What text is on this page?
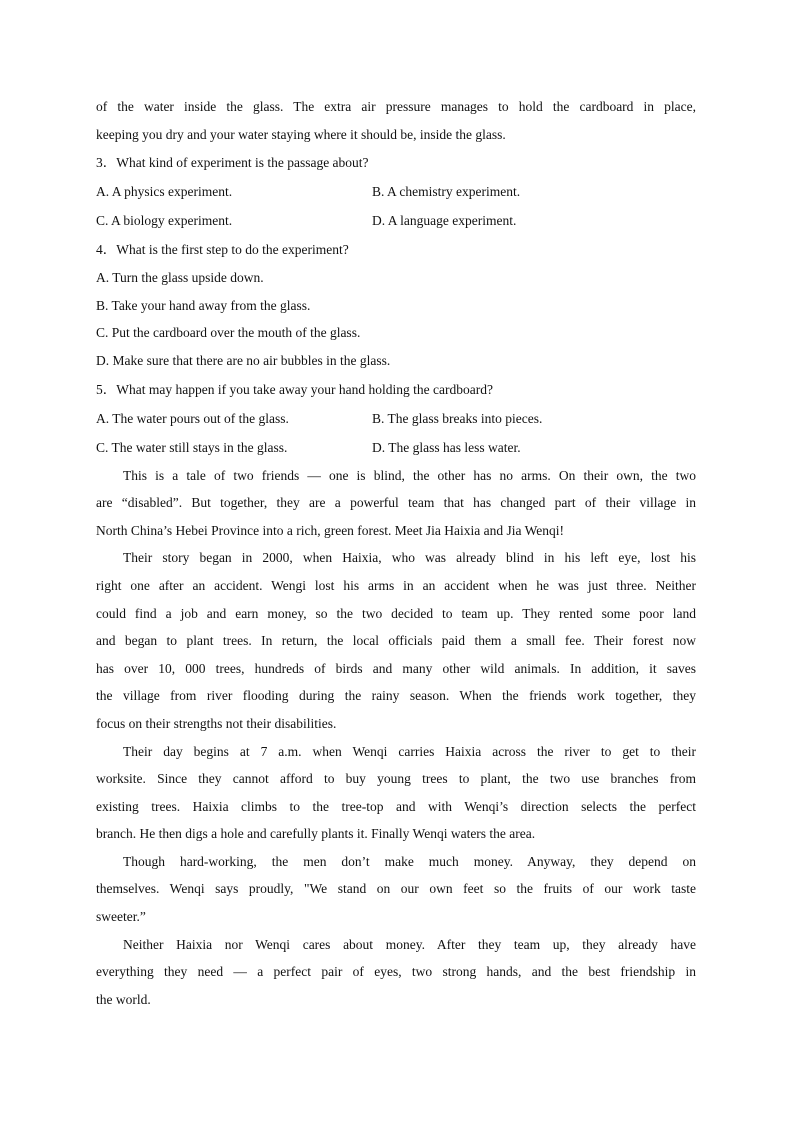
of the water inside the glass. The extra air pressure manages to hold the cardboard in place,
keeping you dry and your water staying where it should be, inside the glass.
3．What kind of experiment is the passage about?
A. A physics experiment.	B. A chemistry experiment.
C. A biology experiment.	D. A language experiment.
4．What is the first step to do the experiment?
A. Turn the glass upside down.
B. Take your hand away from the glass.
C. Put the cardboard over the mouth of the glass.
D. Make sure that there are no air bubbles in the glass.
5．What may happen if you take away your hand holding the cardboard?
A. The water pours out of the glass.	B. The glass breaks into pieces.
C. The water still stays in the glass.	D. The glass has less water.
This is a tale of two friends — one is blind, the other has no arms. On their own, the two
are “disabled”. But together, they are a powerful team that has changed part of their village in
North China’s Hebei Province into a rich, green forest. Meet Jia Haixia and Jia Wenqi!
Their story began in 2000, when Haixia, who was already blind in his left eye, lost his
right one after an accident. Wengi lost his arms in an accident when he was just three. Neither
could find a job and earn money, so the two decided to team up. They rented some poor land
and began to plant trees. In return, the local officials paid them a small fee. Their forest now
has over 10, 000 trees, hundreds of birds and many other wild animals. In addition, it saves
the village from river flooding during the rainy season. When the friends work together, they
focus on their strengths not their disabilities.
Their day begins at 7 a.m. when Wenqi carries Haixia across the river to get to their
worksite. Since they cannot afford to buy young trees to plant, the two use branches from
existing trees. Haixia climbs to the tree-top and with Wenqi’s direction selects the perfect
branch. He then digs a hole and carefully plants it. Finally Wenqi waters the area.
Though hard-working, the men don’t make much money. Anyway, they depend on
themselves. Wenqi says proudly, "We stand on our own feet so the fruits of our work taste
sweeter.”
Neither Haixia nor Wenqi cares about money. After they team up, they already have
everything they need — a perfect pair of eyes, two strong hands, and the best friendship in
the world.
